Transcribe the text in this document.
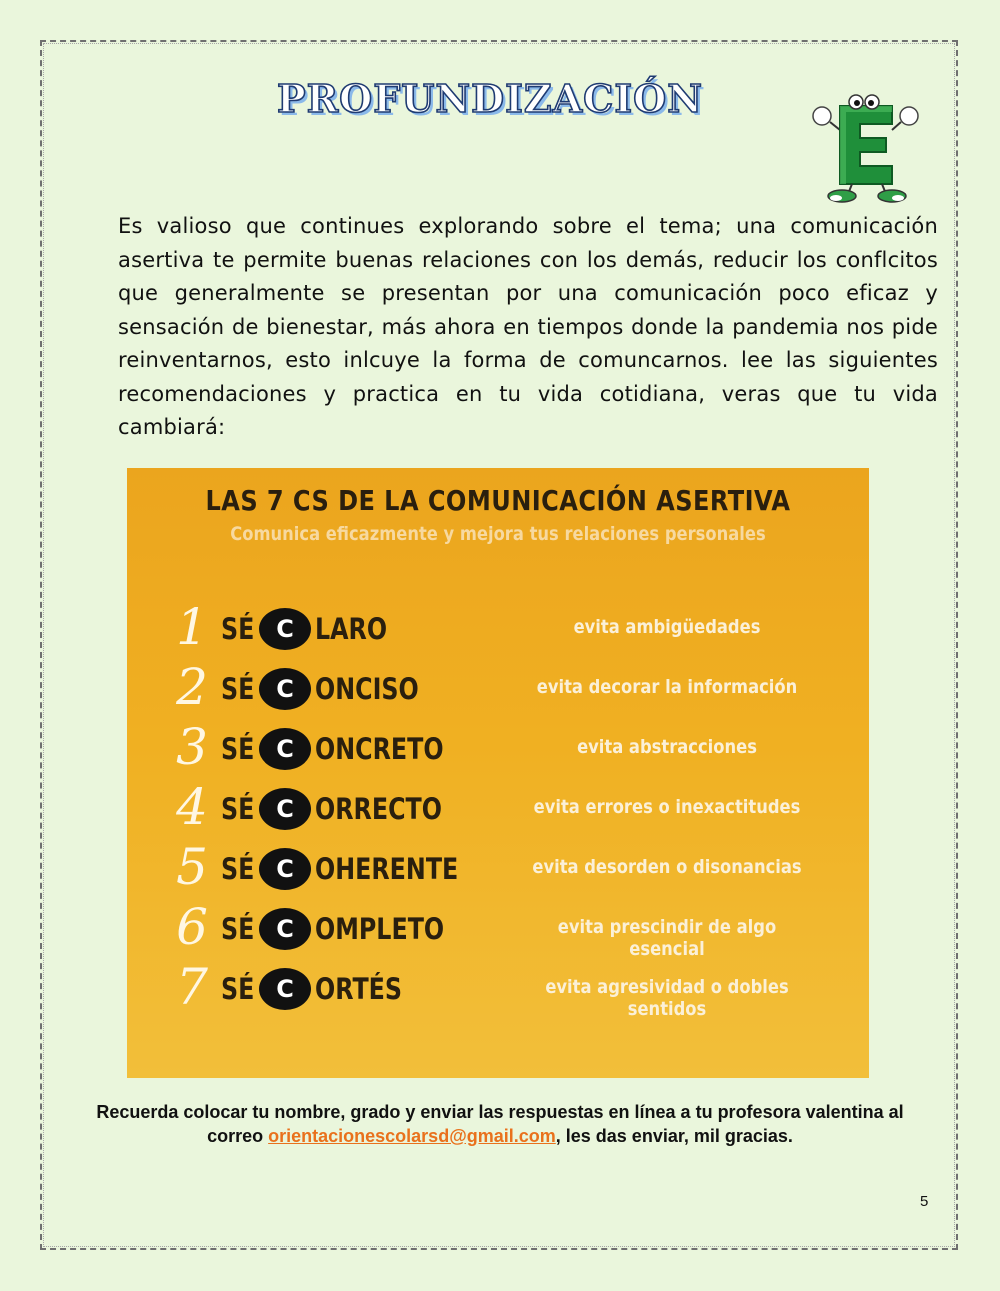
PROFUNDIZACIÓN
Es valioso que continues explorando sobre el tema; una comunicación asertiva te permite buenas relaciones con los demás, reducir los conflcitos que generalmente se presentan por una comunicación poco eficaz y sensación de bienestar, más ahora en tiempos donde la pandemia nos pide reinventarnos, esto inlcuye la forma de comuncarnos. lee las siguientes recomendaciones y practica en tu vida cotidiana, veras que tu vida cambiará:
LAS 7 CS DE LA COMUNICACIÓN ASERTIVA
Comunica eficazmente y mejora tus relaciones personales
1 SÉ C LARO	evita ambigüedades
2 SÉ C ONCISO	evita decorar la información
3 SÉ C ONCRETO	evita abstracciones
4 SÉ C ORRECTO	evita errores o inexactitudes
5 SÉ C OHERENTE	evita desorden o disonancias
6 SÉ C OMPLETO	evita prescindir de algo esencial
7 SÉ C ORTÉS	evita agresividad o dobles sentidos
Recuerda colocar tu nombre, grado y enviar las respuestas en línea a tu profesora valentina al
correo orientacionescolarsd@gmail.com, les das enviar, mil gracias.
5
